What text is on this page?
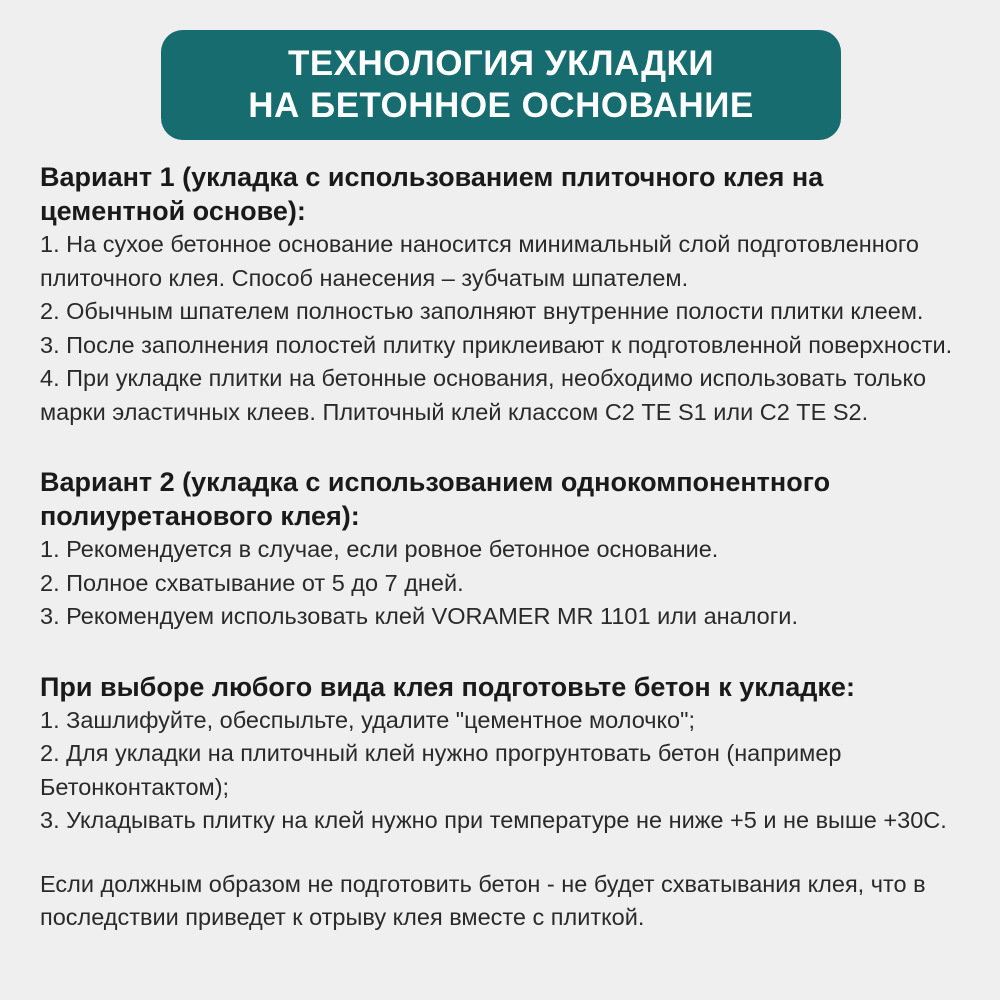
ТЕХНОЛОГИЯ УКЛАДКИ
НА БЕТОННОЕ ОСНОВАНИЕ

Вариант 1 (укладка с использованием плиточного клея на цементной основе):

1. На сухое бетонное основание наносится минимальный слой подготовленного плиточного клея. Способ нанесения – зубчатым шпателем.

2. Обычным шпателем полностью заполняют внутренние полости плитки клеем.

3. После заполнения полостей плитку приклеивают к подготовленной поверхности.

4. При укладке плитки на бетонные основания, необходимо использовать только марки эластичных клеев. Плиточный клей классом С2 TE S1 или С2 TE S2.

Вариант 2 (укладка с использованием однокомпонентного полиуретанового клея):

1. Рекомендуется в случае, если ровное бетонное основание.

2. Полное схватывание от 5 до 7 дней.

3. Рекомендуем использовать клей VORAMER MR 1101 или аналоги.

При выборе любого вида клея подготовьте бетон к укладке:

1. Зашлифуйте, обеспыльте, удалите "цементное молочко";

2. Для укладки на плиточный клей нужно прогрунтовать бетон (например Бетонконтактом);

3. Укладывать плитку на клей нужно при температуре не ниже +5 и не выше +30С.

Если должным образом не подготовить бетон - не будет схватывания клея, что в последствии приведет к отрыву клея вместе с плиткой.
